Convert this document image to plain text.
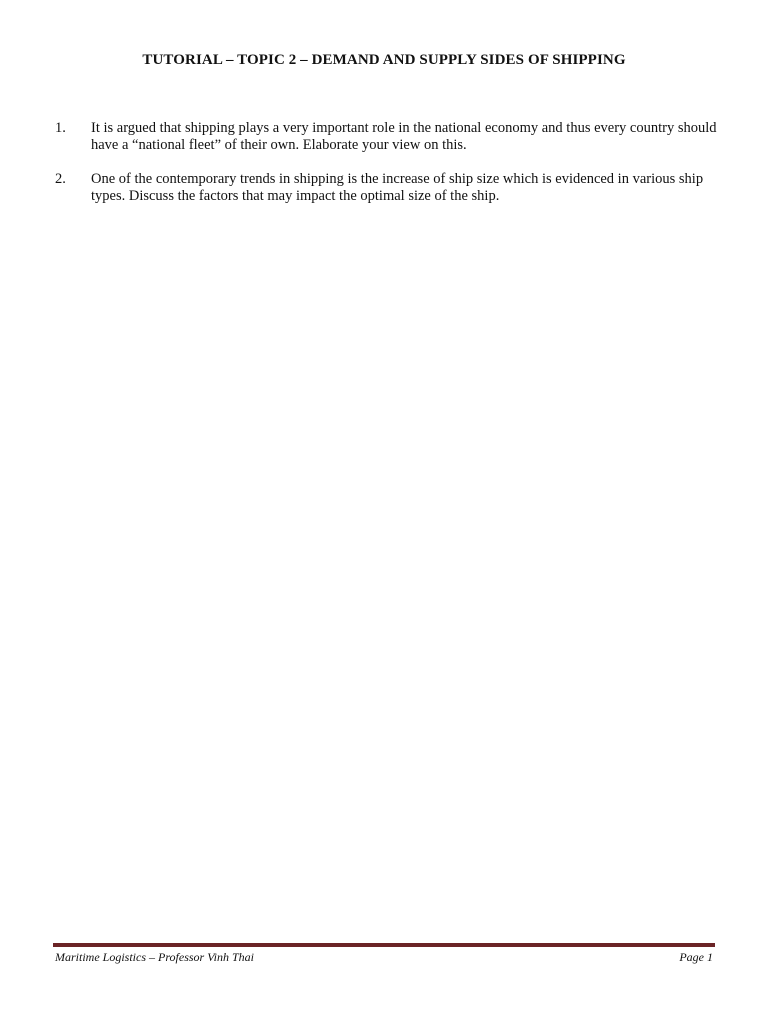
TUTORIAL – TOPIC 2 – DEMAND AND SUPPLY SIDES OF SHIPPING
1.	It is argued that shipping plays a very important role in the national economy and thus every country should have a “national fleet” of their own. Elaborate your view on this.
2.	One of the contemporary trends in shipping is the increase of ship size which is evidenced in various ship types. Discuss the factors that may impact the optimal size of the ship.
Maritime Logistics – Professor Vinh Thai	Page 1
